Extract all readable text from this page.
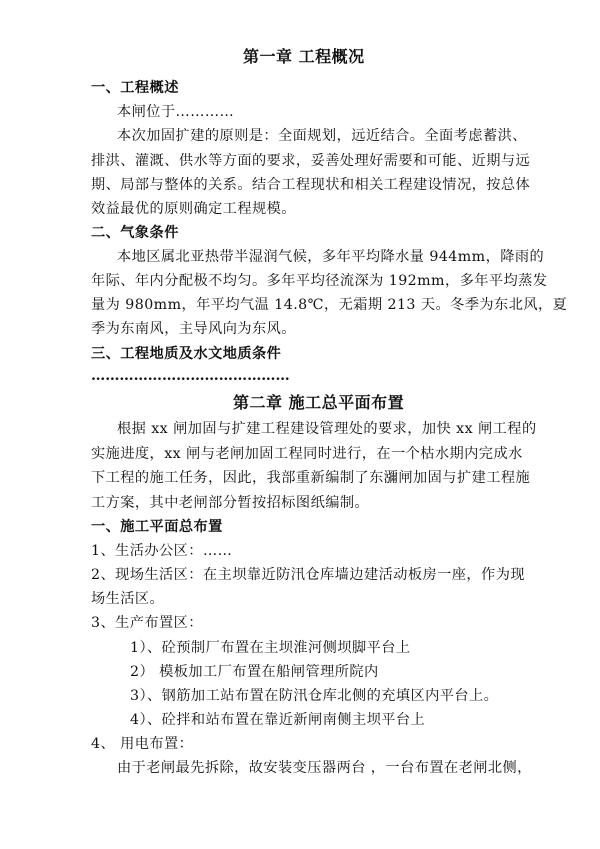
第一章 工程概况
一、工程概述
本闸位于…………
本次加固扩建的原则是：全面规划，远近结合。全面考虑蓄洪、
排洪、灌溉、供水等方面的要求，妥善处理好需要和可能、近期与远
期、局部与整体的关系。结合工程现状和相关工程建设情况，按总体
效益最优的原则确定工程规模。
二、气象条件
本地区属北亚热带半湿润气候，多年平均降水量 944mm，降雨的
年际、年内分配极不均匀。多年平均径流深为 192mm，多年平均蒸发
量为 980mm，年平均气温 14.8℃，无霜期 213 天。冬季为东北风，夏
季为东南风，主导风向为东风。
三、工程地质及水文地质条件
……………………………………
第二章 施工总平面布置
根据 xx 闸加固与扩建工程建设管理处的要求，加快 xx 闸工程的
实施进度，xx 闸与老闸加固工程同时进行，在一个枯水期内完成水
下工程的施工任务，因此，我部重新编制了东瀰闸加固与扩建工程施
工方案，其中老闸部分暂按招标图纸编制。
一、施工平面总布置
1、生活办公区：……
2、现场生活区：在主坝靠近防汛仓库墙边建活动板房一座，作为现
场生活区。
3、生产布置区：
1）、砼预制厂布置在主坝淮河侧坝脚平台上
2） 模板加工厂布置在船闸管理所院内
3）、钢筋加工站布置在防汛仓库北侧的充填区内平台上。
4）、砼拌和站布置在靠近新闸南侧主坝平台上
4、 用电布置：
由于老闸最先拆除，故安装变压器两台 ，一台布置在老闸北侧，
